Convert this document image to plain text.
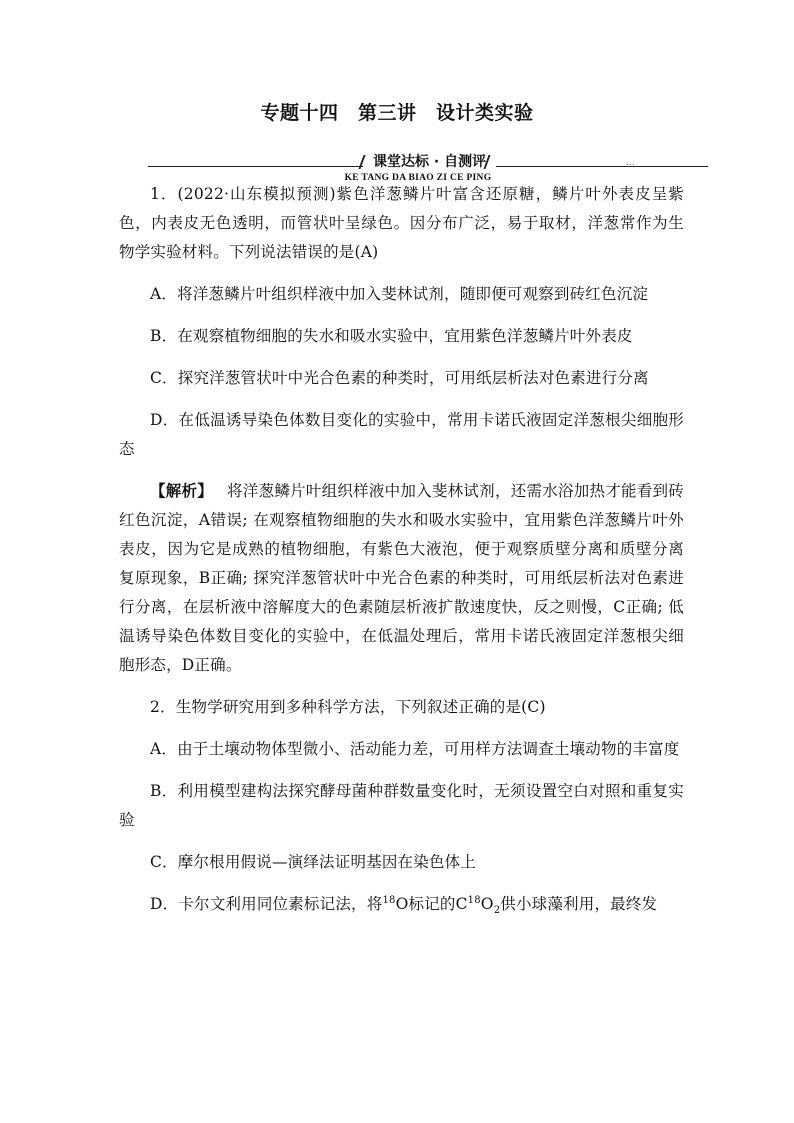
专题十四　第三讲　设计类实验
课堂达标 · 自测评	...
KE TANG DA BIAO ZI CE PING

1．(2022·山东模拟预测)紫色洋葱鳞片叶富含还原糖，鳞片叶外表皮呈紫色，内表皮无色透明，而管状叶呈绿色。因分布广泛，易于取材，洋葱常作为生物学实验材料。下列说法错误的是(A)

A．将洋葱鳞片叶组织样液中加入斐林试剂，随即便可观察到砖红色沉淀

B．在观察植物细胞的失水和吸水实验中，宜用紫色洋葱鳞片叶外表皮

C．探究洋葱管状叶中光合色素的种类时，可用纸层析法对色素进行分离

D．在低温诱导染色体数目变化的实验中，常用卡诺氏液固定洋葱根尖细胞形态

【解析】 将洋葱鳞片叶组织样液中加入斐林试剂，还需水浴加热才能看到砖红色沉淀，A错误; 在观察植物细胞的失水和吸水实验中，宜用紫色洋葱鳞片叶外表皮，因为它是成熟的植物细胞，有紫色大液泡，便于观察质壁分离和质壁分离复原现象，B正确; 探究洋葱管状叶中光合色素的种类时，可用纸层析法对色素进行分离，在层析液中溶解度大的色素随层析液扩散速度快，反之则慢，C正确; 低温诱导染色体数目变化的实验中，在低温处理后，常用卡诺氏液固定洋葱根尖细胞形态，D正确。

2．生物学研究用到多种科学方法，下列叙述正确的是(C)

A．由于土壤动物体型微小、活动能力差，可用样方法调查土壤动物的丰富度

B．利用模型建构法探究酵母菌种群数量变化时，无须设置空白对照和重复实验

C．摩尔根用假说—演绎法证明基因在染色体上

D．卡尔文利用同位素标记法，将$^{18}$O标记的$C^{18}O_2$供小球藻利用，最终发
